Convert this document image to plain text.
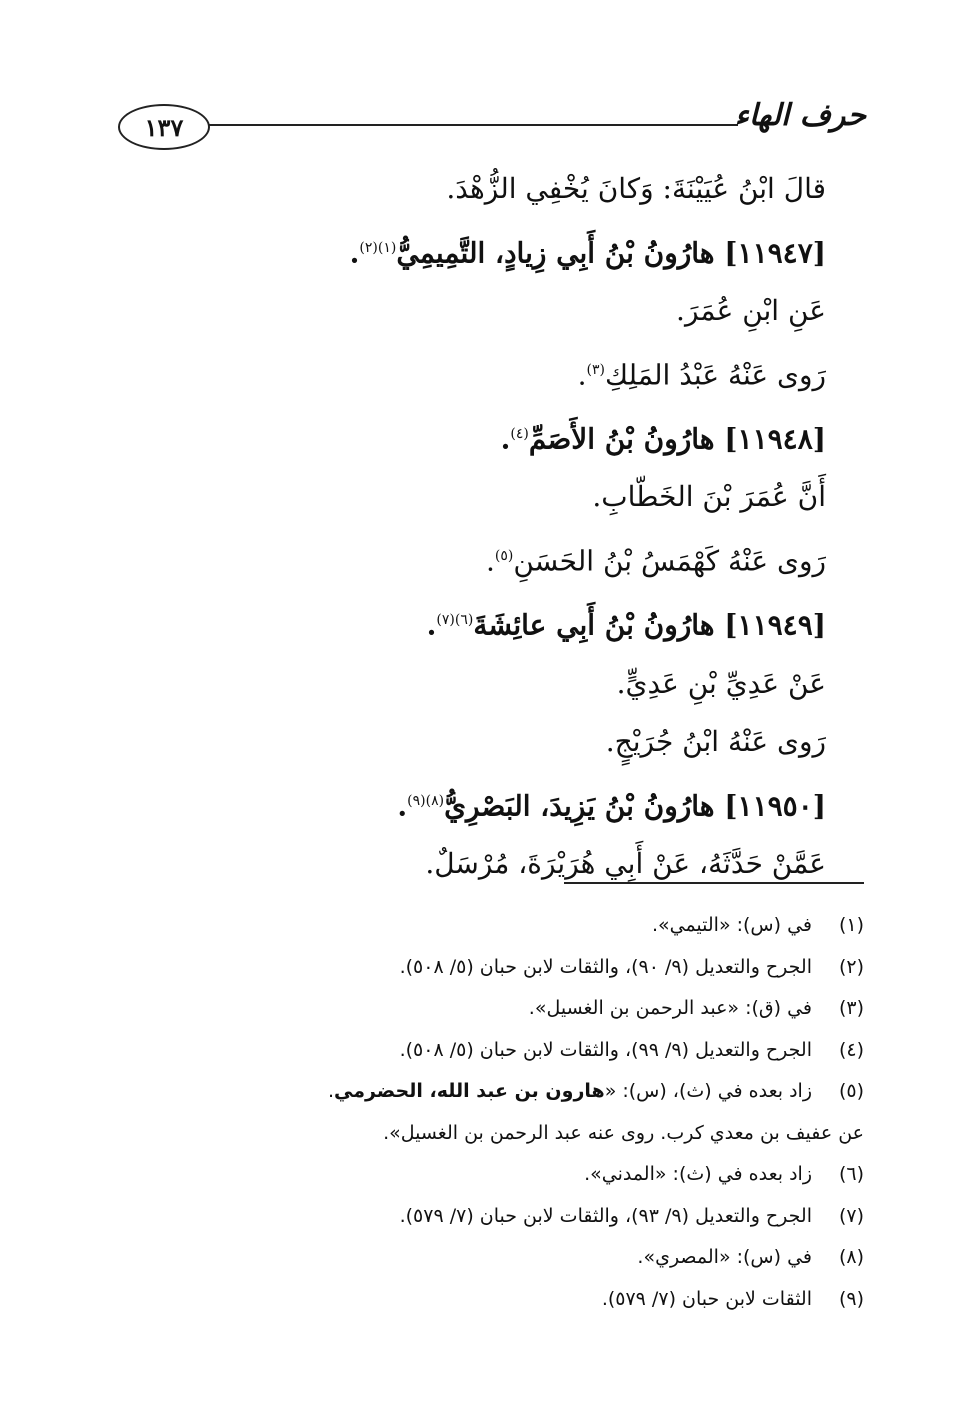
١٣٧	حرف الهاء
قالَ ابْنُ عُيَيْنَةَ: وَكانَ يُخْفِي الزُّهْدَ.
[١١٩٤٧] هارُونُ بْنُ أَبِي زِيادٍ، التَّمِيمِيُّ$^{(١)(٢)}$.
عَنِ ابْنِ عُمَرَ.
رَوى عَنْهُ عَبْدُ المَلِكِ$^{(٣)}$.
[١١٩٤٨] هارُونُ بْنُ الأَصَمِّ$^{(٤)}$.
أَنَّ عُمَرَ بْنَ الخَطّابِ.
رَوى عَنْهُ كَهْمَسُ بْنُ الحَسَنِ$^{(٥)}$.
[١١٩٤٩] هارُونُ بْنُ أَبِي عائِشَةَ$^{(٦)(٧)}$.
عَنْ عَدِيِّ بْنِ عَدِيٍّ.
رَوى عَنْهُ ابْنُ جُرَيْجٍ.
[١١٩٥٠] هارُونُ بْنُ يَزِيدَ، البَصْرِيُّ$^{(٨)(٩)}$.
عَمَّنْ حَدَّثَهُ، عَنْ أَبِي هُرَيْرَةَ، مُرْسَلٌ.
(١)
في (س): «التيمي».
(٢)
الجرح والتعديل (٩/ ٩٠)، والثقات لابن حبان (٥/ ٥٠٨).
(٣)
في (ق): «عبد الرحمن بن الغسيل».
(٤)
الجرح والتعديل (٩/ ٩٩)، والثقات لابن حبان (٥/ ٥٠٨).
(٥)
زاد بعده في (ث)، (س): «هارون بن عبد الله، الحضرمي.
عن عفيف بن معدي كرب. روى عنه عبد الرحمن بن الغسيل».
(٦)
زاد بعده في (ث): «المدني».
(٧)
الجرح والتعديل (٩/ ٩٣)، والثقات لابن حبان (٧/ ٥٧٩).
(٨)
في (س): «المصري».
(٩)
الثقات لابن حبان (٧/ ٥٧٩).
